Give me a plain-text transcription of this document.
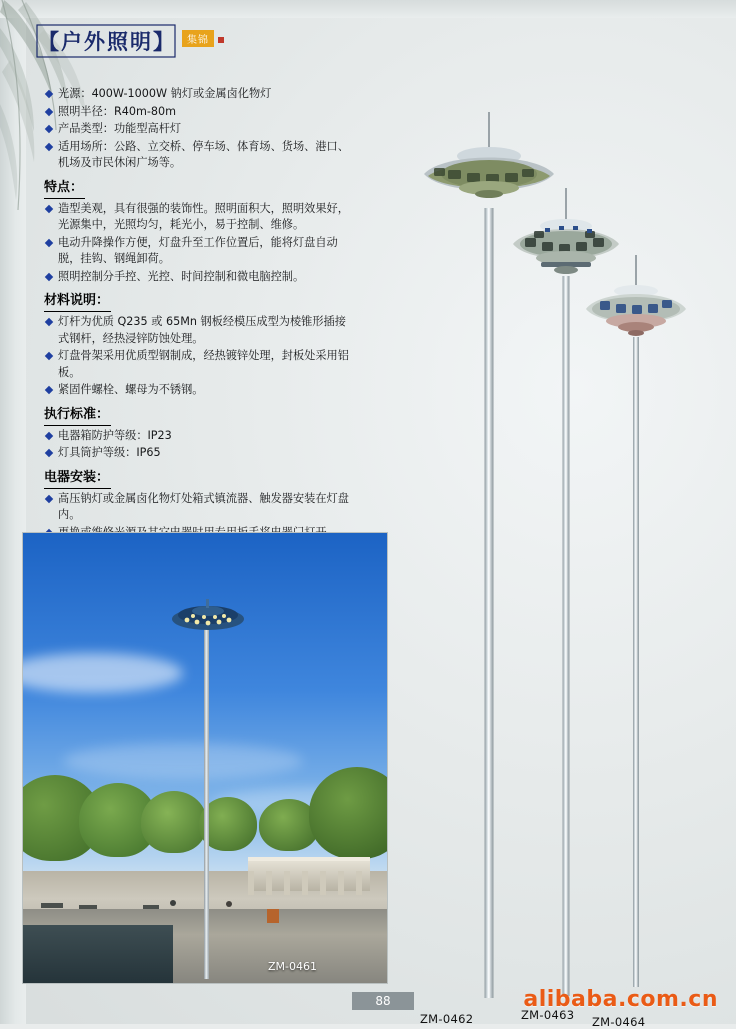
【户外照明】 集锦
光源：400W-1000W 钠灯或金属卤化物灯
照明半径：R40m-80m
产品类型：功能型高杆灯
适用场所：公路、立交桥、停车场、体育场、货场、港口、机场及市民休闲广场等。
特点：
造型美观，具有很强的装饰性。照明面积大，照明效果好，光源集中，光照均匀，耗光小，易于控制、维修。
电动升降操作方便，灯盘升至工作位置后，能将灯盘自动脱，挂钩、钢绳卸荷。
照明控制分手控、光控、时间控制和微电脑控制。
材料说明：
灯杆为优质 Q235 或 65Mn 钢板经模压成型为棱锥形插接式钢杆，经热浸锌防蚀处理。
灯盘骨架采用优质型钢制成，经热镀锌处理，封板处采用铝板。
紧固件螺栓、螺母为不锈钢。
执行标准：
电器箱防护等级：IP23
灯具筒护等级：IP65
电器安装：
高压钠灯或金属卤化物灯处箱式镇流器、触发器安装在灯盘内。
ZM-0461
ZM-0462	ZM-0463 ZM-0464
88	alibaba.com.cn
